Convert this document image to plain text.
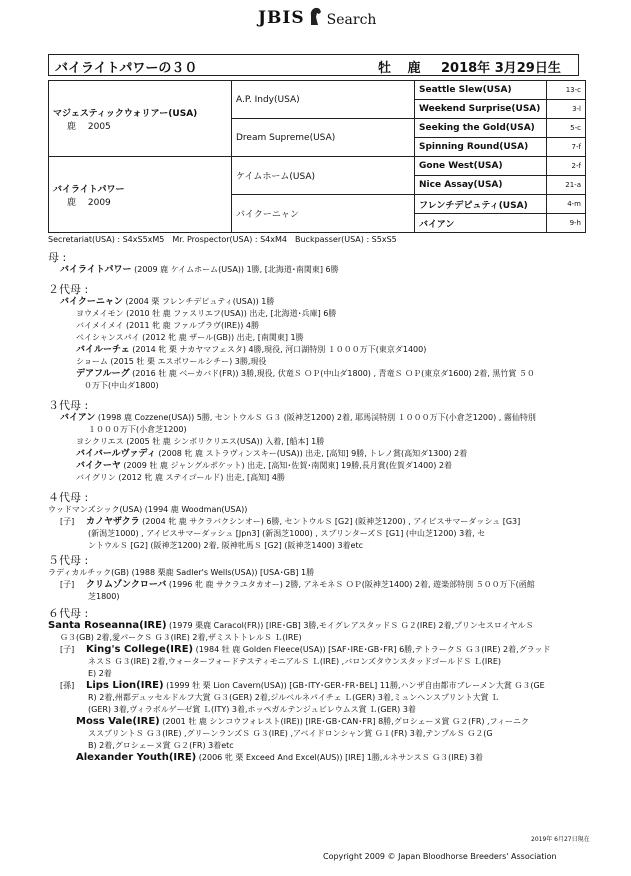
JBIS Search
バイライトパワーの３０	牡 鹿 2018年 3月29日生
マジェスティックウォリアー(USA)
鹿　 2005	A.P. Indy(USA)	Seattle Slew(USA)	13-c
		Weekend Surprise(USA)	3-l
	Dream Supreme(USA)	Seeking the Gold(USA)	5-c
		Spinning Round(USA)	7-f

バイライトパワー
鹿　 2009	ケイムホーム(USA)	Gone West(USA)	2-f
		Nice Assay(USA)	21-a
	バイクーニャン	フレンチデピュティ(USA)	4-m
		バイアン	9-h
Secretariat(USA) : S4xS5xM5　Mr. Prospector(USA) : S4xM4　Buckpasser(USA) : S5xS5
母 :
バイライトパワー (2009 鹿 ケイムホーム(USA)) 1勝, [北海道･南関東] 6勝
２代母 :
バイクーニャン (2004 栗 フレンチデピュティ(USA)) 1勝
ヨウメイモン (2010 牡 鹿 ファスリエフ(USA)) 出走, [北海道･兵庫] 6勝
バイメイメイ (2011 牝 鹿 ファルブラヴ(IRE)) 4勝
ベイシャンスパイ (2012 牝 鹿 ザール(GB)) 出走, [南関東] 1勝
バイルーチェ (2014 牝 栗 ナカヤマフェスタ) 4勝,現役, 河口湖特別 １０００万下(東京ダ1400)
ショーム (2015 牡 栗 エスポワールシチー) 3勝,現役
デアフルーグ (2016 牡 鹿 ベーカバド(FR)) 3勝,現役, 伏竜Ｓ ＯＰ(中山ダ1800) , 青竜Ｓ ＯＰ(東京ダ1600) 2着, 黒竹賞 ５０
　０万下(中山ダ1800)
３代母 :
バイアン (1998 鹿 Cozzene(USA)) 5勝, セントウルＳ Ｇ３ (阪神芝1200) 2着, 耶馬渓特別 １０００万下(小倉芝1200) , 霧仙特別
１０００万下(小倉芝1200)
ヨシクリエス (2005 牡 鹿 シンボリクリエス(USA)) 入着, [船本] 1勝
バイバールヴァディ (2008 牝 鹿 ストラヴィンスキー(USA)) 出走, [高知] 9勝, トレノ賞(高知ダ1300) 2着
バイクーヤ (2009 牡 鹿 ジャングルポケット) 出走, [高知･佐賀･南関東] 19勝,長月賞(佐賀ダ1400) 2着
バイグリン (2012 牝 鹿 ステイゴールド) 出走, [高知] 4勝
４代母 :
ウッドマンズシック(USA) (1994 鹿 Woodman(USA))
[子]	カノヤザクラ (2004 牝 鹿 サクラバクシンオー) 6勝, セントウルＳ [G2] (阪神芝1200) , アイビスサマーダッシュ [G3]
(新潟芝1000) , アイビスサマーダッシュ [Jpn3] (新潟芝1000) , スプリンターズＳ [G1] (中山芝1200) 3着, セ
ントウルＳ [G2] (阪神芝1200) 2着, 阪神牝馬Ｓ [G2] (阪神芝1400) 3着etc
５代母 :
ラディカルチック(GB) (1988 栗鹿 Sadler's Wells(USA)) [USA･GB] 1勝
[子]	クリムゾンクローバ (1996 牝 鹿 サクラユタカオー) 2勝, アネモネＳ ＯＰ(阪神芝1400) 2着, 遊楽部特別 ５００万下(函館
芝1800)
６代母 :
Santa Roseanna(IRE) (1979 栗鹿 Caracol(FR)) [IRE･GB] 3勝,モイグレアスタッドＳ Ｇ２(IRE) 2着,プリンセスロイヤルＳ
Ｇ３(GB) 2着,愛パークＳ Ｇ３(IRE) 2着,ザミストトレルＳ Ｌ(IRE)
[子]	King's College(IRE) (1984 牡 鹿 Golden Fleece(USA)) [SAF･IRE･GB･FR] 6勝,テトラークＳ Ｇ３(IRE) 2着,グラッド
ネスＳ Ｇ３(IRE) 2着,ウォーターフォードテスティモニアルＳ Ｌ(IRE) ,バロンズタウンスタッドゴールドＳ Ｌ(IRE)
E) 2着
[孫]	Lips Lion(IRE) (1999 牡 栗 Lion Cavern(USA)) [GB･ITY･GER･FR･BEL] 11勝,ハンザ自由都市ブレーメン大賞 Ｇ３(GE
R) 2着,州都デュッセルドルフ大賞 Ｇ３(GER) 2着,ジルベルネパイチェ Ｌ(GER) 3着,ミュンヘンスプリント大賞 Ｌ
(GER) 3着,ヴィラボルゲーゼ賞 Ｌ(ITY) 3着,ホッペガルテンジュビレウムス賞 Ｌ(GER) 3着
Moss Vale(IRE) (2001 牡 鹿 シンコウフォレスト(IRE)) [IRE･GB･CAN･FR] 8勝,グロシェーヌ賞 Ｇ２(FR) ,フィーニク
ススプリントＳ Ｇ３(IRE) ,グリーンランズＳ Ｇ３(IRE) ,アベイドロンシャン賞 Ｇ１(FR) 3着,テンプルＳ Ｇ２(G
B) 2着,グロシェーヌ賞 Ｇ２(FR) 3着etc
Alexander Youth(IRE) (2006 牝 栗 Exceed And Excel(AUS)) [IRE] 1勝,ルネサンスＳ Ｇ３(IRE) 3着
2019年 6月27日現在
Copyright 2009 © Japan Bloodhorse Breeders' Association
